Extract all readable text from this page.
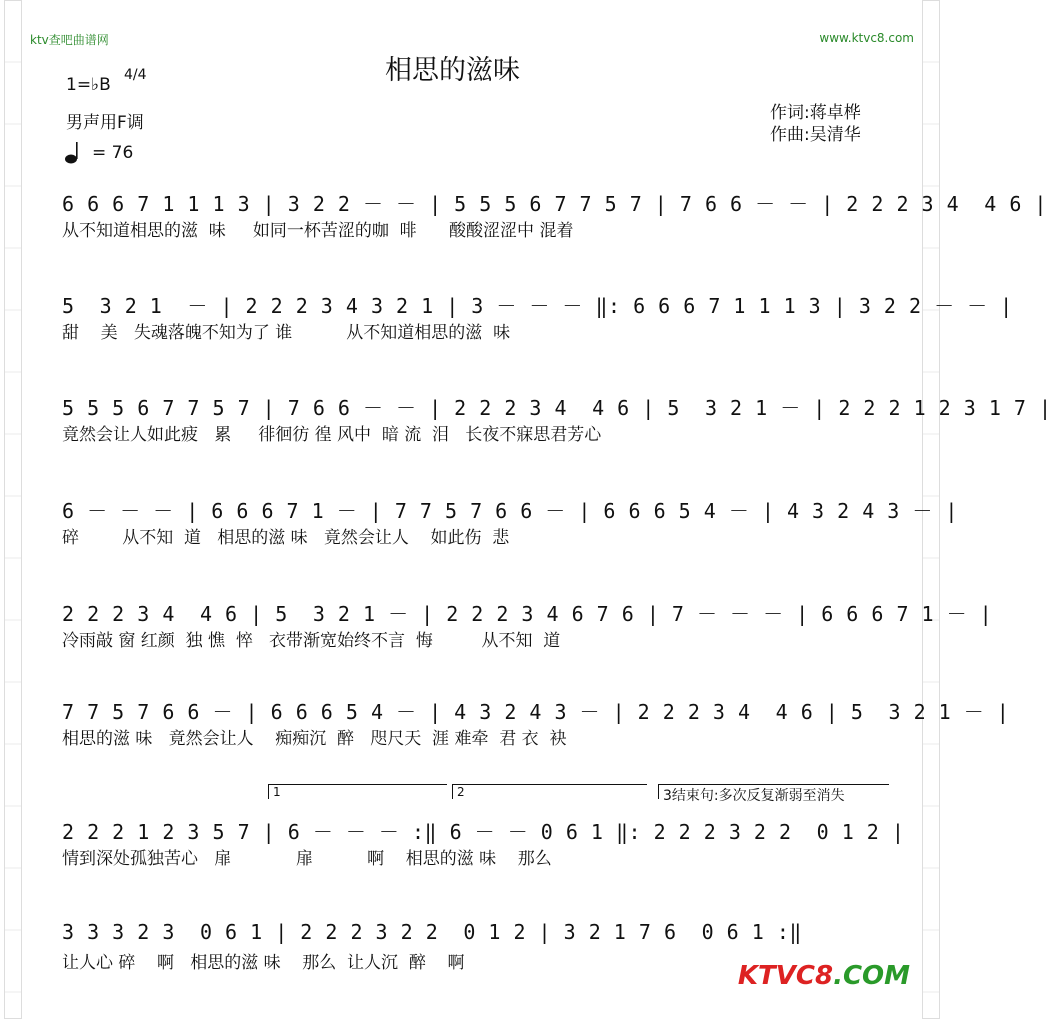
ktv查吧曲谱网	www.ktvc8.com
相思的滋味
1=♭B 4/4
男声用F调
= 76
作词:蒋卓桦
作曲:吴清华
6 6 6 7 1 1 1 3 | 3 2 2 － － | 5 5 5 6 7 7 5 7 | 7 6 6 － － | 2 2 2 3 4  4 6 |
从不知道相思的滋  味     如同一杯苦涩的咖  啡      酸酸涩涩中 混着
5  3 2 1  － | 2 2 2 3 4 3 2 1 | 3 － － － ‖: 6 6 6 7 1 1 1 3 | 3 2 2 － － |
甜    美   失魂落魄不知为了 谁          从不知道相思的滋  味
5 5 5 6 7 7 5 7 | 7 6 6 － － | 2 2 2 3 4  4 6 | 5  3 2 1 － | 2 2 2 1 2 3 1 7 |
竟然会让人如此疲   累     徘徊彷 徨 风中  暗 流  泪   长夜不寐思君芳心
6 － － － | 6 6 6 7 1 － | 7 7 5 7 6 6 － | 6 6 6 5 4 － | 4 3 2 4 3 － |
碎        从不知  道   相思的滋 味   竟然会让人    如此伤  悲
2 2 2 3 4  4 6 | 5  3 2 1 － | 2 2 2 3 4 6 7 6 | 7 － － － | 6 6 6 7 1 － |
冷雨敲 窗 红颜  独 憔  悴   衣带渐宽始终不言  悔         从不知  道
7 7 5 7 6 6 － | 6 6 6 5 4 － | 4 3 2 4 3 － | 2 2 2 3 4  4 6 | 5  3 2 1 － |
相思的滋 味   竟然会让人    痴痴沉  醉   咫尺天  涯 难牵  君 衣  袂
1	2	3结束句:多次反复渐弱至消失
2 2 2 1 2 3 5 7 | 6 － － － :‖ 6 － － 0 6 1 ‖: 2 2 2 3 2 2  0 1 2 |
情到深处孤独苦心   扉            扉          啊    相思的滋 味    那么
3 3 3 2 3  0 6 1 | 2 2 2 3 2 2  0 1 2 | 3 2 1 7 6  0 6 1 :‖
让人心 碎    啊   相思的滋 味    那么  让人沉  醉    啊	KTVC8.COM
